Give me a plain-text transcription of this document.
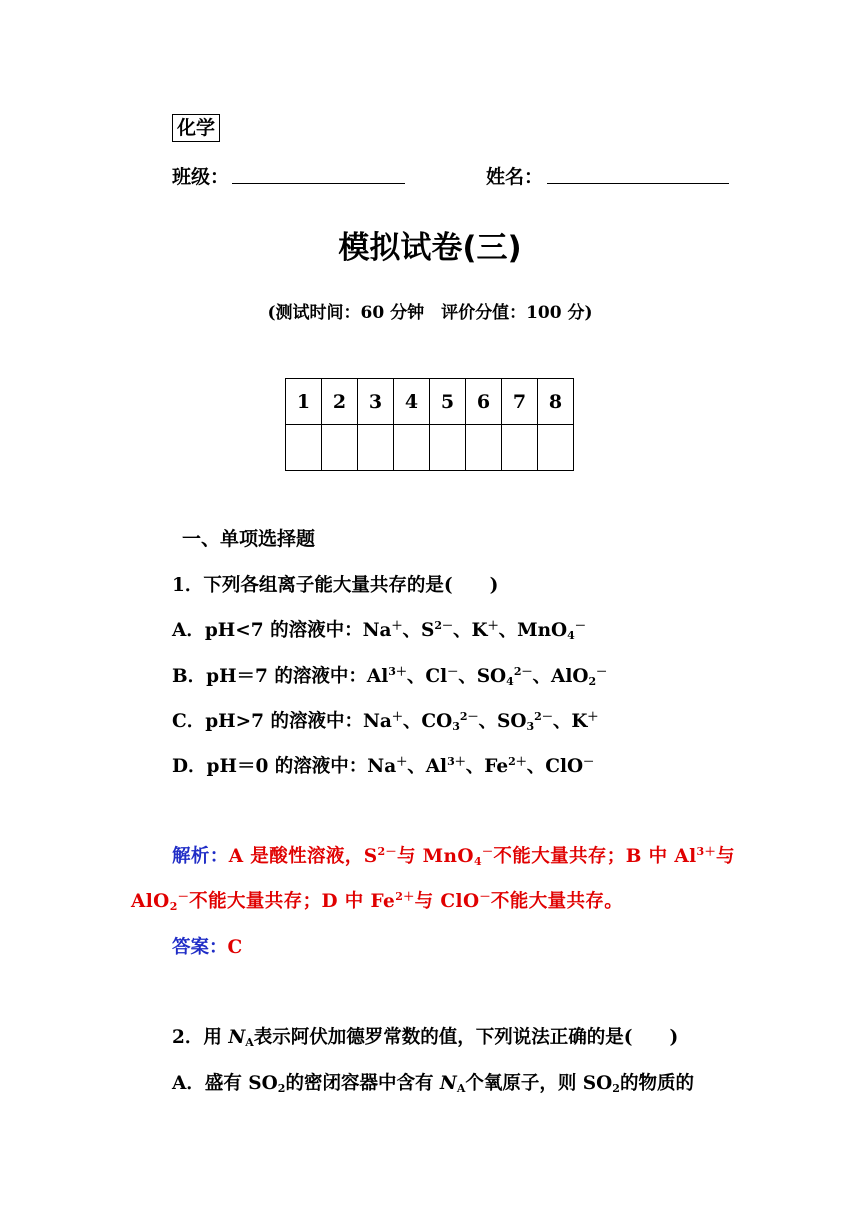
化学
班级：	姓名：
模拟试卷(三)
(测试时间：60 分钟　评价分值：100 分)
1	2	3	4	5	6	7	8

一、单项选择题
1．下列各组离子能大量共存的是(　　)
A．pH<7 的溶液中：Na＋、$S^{2-}$、K＋、MnO$_4$－
B．pH＝7 的溶液中：$Al^{3+}$、Cl－、$SO_4^{2-}$、AlO$_2$－
C．pH>7 的溶液中：Na＋、$CO_3^{2-}$、$SO_3^{2-}$、K＋
D．pH＝0 的溶液中：Na＋、$Al^{3+}$、$Fe^{2+}$、ClO－
解析：A 是酸性溶液，$S^{2-}$与 MnO$_4$－不能大量共存；B 中 $Al^{3+}$与
AlO$_2$－不能大量共存；D 中 $Fe^{2+}$与 ClO－不能大量共存。
答案：C
2．用 $N_A$表示阿伏加德罗常数的值，下列说法正确的是(　　)
A．盛有 $SO_2$的密闭容器中含有 $N_A$个氧原子，则 $SO_2$的物质的
